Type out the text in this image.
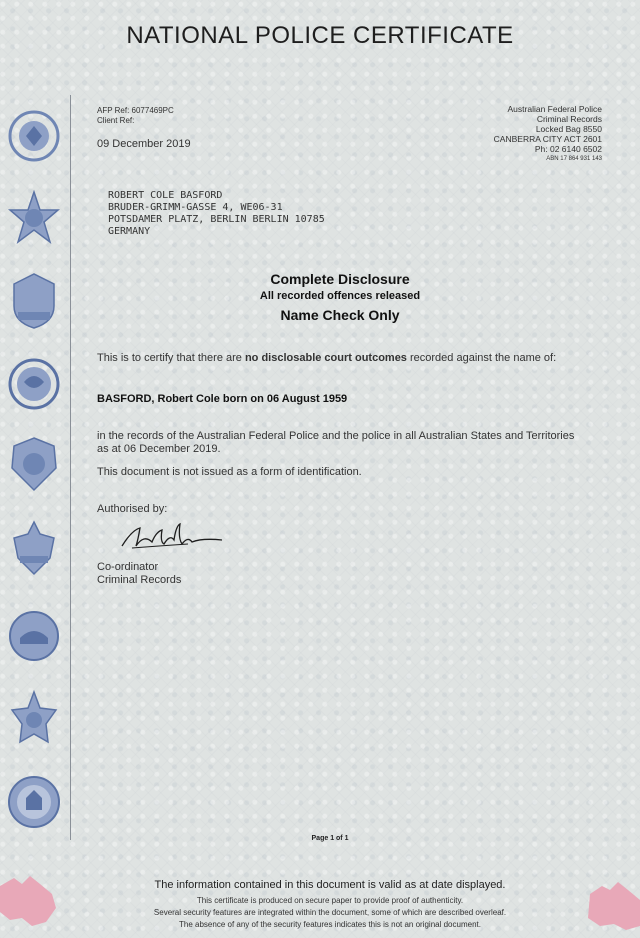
NATIONAL POLICE CERTIFICATE
AFP Ref: 6077469PC
Client Ref:
09 December 2019
Australian Federal Police
Criminal Records
Locked Bag 8550
CANBERRA CITY ACT 2601
Ph: 02 6140 6502
ABN 17 864 931 143
ROBERT COLE BASFORD
BRUDER-GRIMM-GASSE 4, WE06-31
POTSDAMER PLATZ, BERLIN BERLIN 10785
GERMANY
Complete Disclosure
All recorded offences released
Name Check Only
This is to certify that there are no disclosable court outcomes recorded against the name of:
BASFORD, Robert Cole born on 06 August 1959
in the records of the Australian Federal Police and the police in all Australian States and Territories as at 06 December 2019.
This document is not issued as a form of identification.
Authorised by:
Co-ordinator
Criminal Records
Page 1 of 1
The information contained in this document is valid as at date displayed.
This certificate is produced on secure paper to provide proof of authenticity.
Several security features are integrated within the document, some of which are described overleaf.
The absence of any of the security features indicates this is not an original document.
